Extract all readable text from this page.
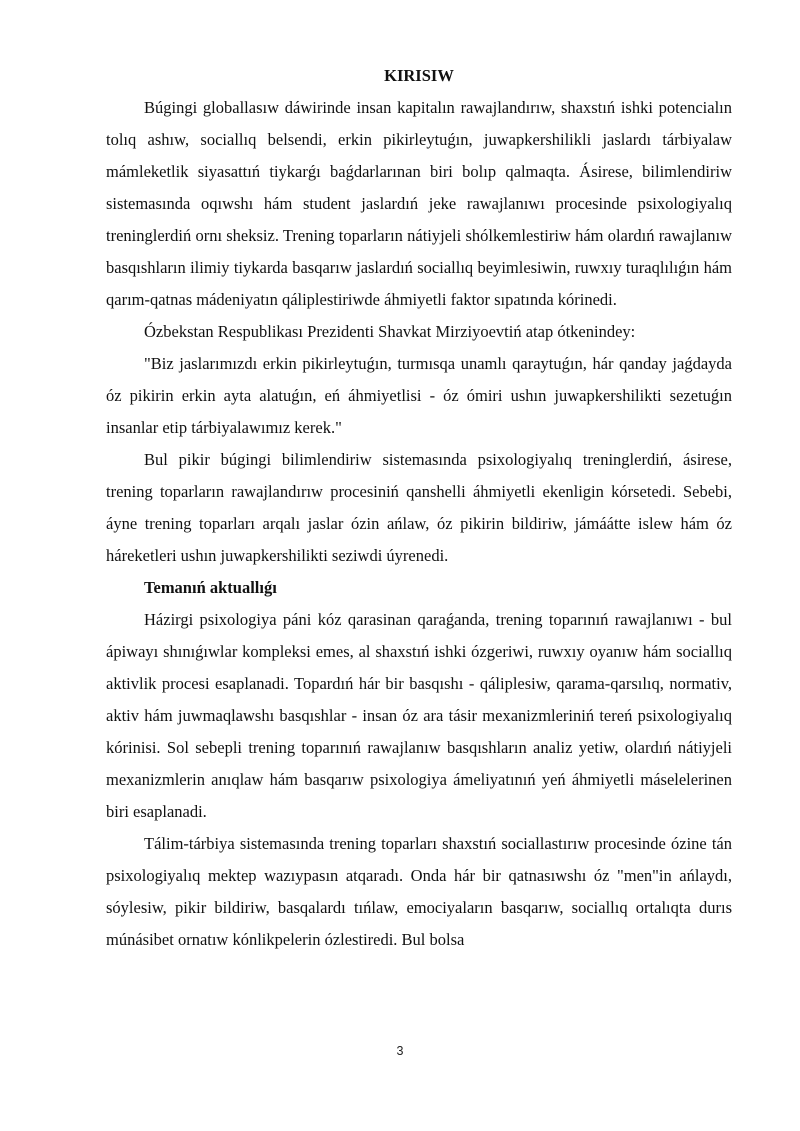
KIRISIW

Búgingi globallasıw dáwirinde insan kapitalın rawajlandırıw, shaxstıń ishki potencialın tolıq ashıw, sociallıq belsendi, erkin pikirleytuǵın, juwapkershilikli jaslardı tárbiyalaw mámleketlik siyasattıń tiykarǵı baǵdarlarınan biri bolıp qalmaqta. Ásirese, bilimlendiriw sistemasında oqıwshı hám student jaslardıń jeke rawajlanıwı procesinde psixologiyalıq treninglerdiń ornı sheksiz. Trening toparların nátiyjeli shólkemlestiriw hám olardıń rawajlanıw basqıshların ilimiy tiykarda basqarıw jaslardıń sociallıq beyimlesiwin, ruwxıy turaqlılıǵın hám qarım-qatnas mádeniyatın qáliplestiriwde áhmiyetli faktor sıpatında kórinedi.

Ózbekstan Respublikası Prezidenti Shavkat Mirziyoevtiń atap ótkenindey:

"Biz jaslarımızdı erkin pikirleytuǵın, turmısqa unamlı qaraytuǵın, hár qanday jaǵdayda óz pikirin erkin ayta alatuǵın, eń áhmiyetlisi - óz ómiri ushın juwapkershilikti sezetuǵın insanlar etip tárbiyalawımız kerek."

Bul pikir búgingi bilimlendiriw sistemasında psixologiyalıq treninglerdiń, ásirese, trening toparların rawajlandırıw procesiniń qanshelli áhmiyetli ekenligin kórsetedi. Sebebi, áyne trening toparları arqalı jaslar ózin ańlaw, óz pikirin bildiriw, jámáátte islew hám óz háreketleri ushın juwapkershilikti seziwdi úyrenedi.

Temanıń aktuallıǵı

Házirgi psixologiya páni kóz qarasinan qaraǵanda, trening toparınıń rawajlanıwı - bul ápiwayı shınıǵıwlar kompleksi emes, al shaxstıń ishki ózgeriwi, ruwxıy oyanıw hám sociallıq aktivlik procesi esaplanadi. Topardıń hár bir basqıshı - qáliplesiw, qarama-qarsılıq, normativ, aktiv hám juwmaqlawshı basqıshlar - insan óz ara tásir mexanizmleriniń tereń psixologiyalıq kórinisi. Sol sebepli trening toparınıń rawajlanıw basqıshların analiz yetiw, olardıń nátiyjeli mexanizmlerin anıqlaw hám basqarıw psixologiya ámeliyatınıń yeń áhmiyetli máselelerinen biri esaplanadi.

Tálim-tárbiya sistemasında trening toparları shaxstıń sociallastırıw procesinde ózine tán psixologiyalıq mektep wazıypasın atqaradı. Onda hár bir qatnasıwshı óz "men"in ańlaydı, sóylesiw, pikir bildiriw, basqalardı tıńlaw, emociyaların basqarıw, sociallıq ortalıqta durıs múnásibet ornatıw kónlikpelerin ózlestiredi. Bul bolsa

3
